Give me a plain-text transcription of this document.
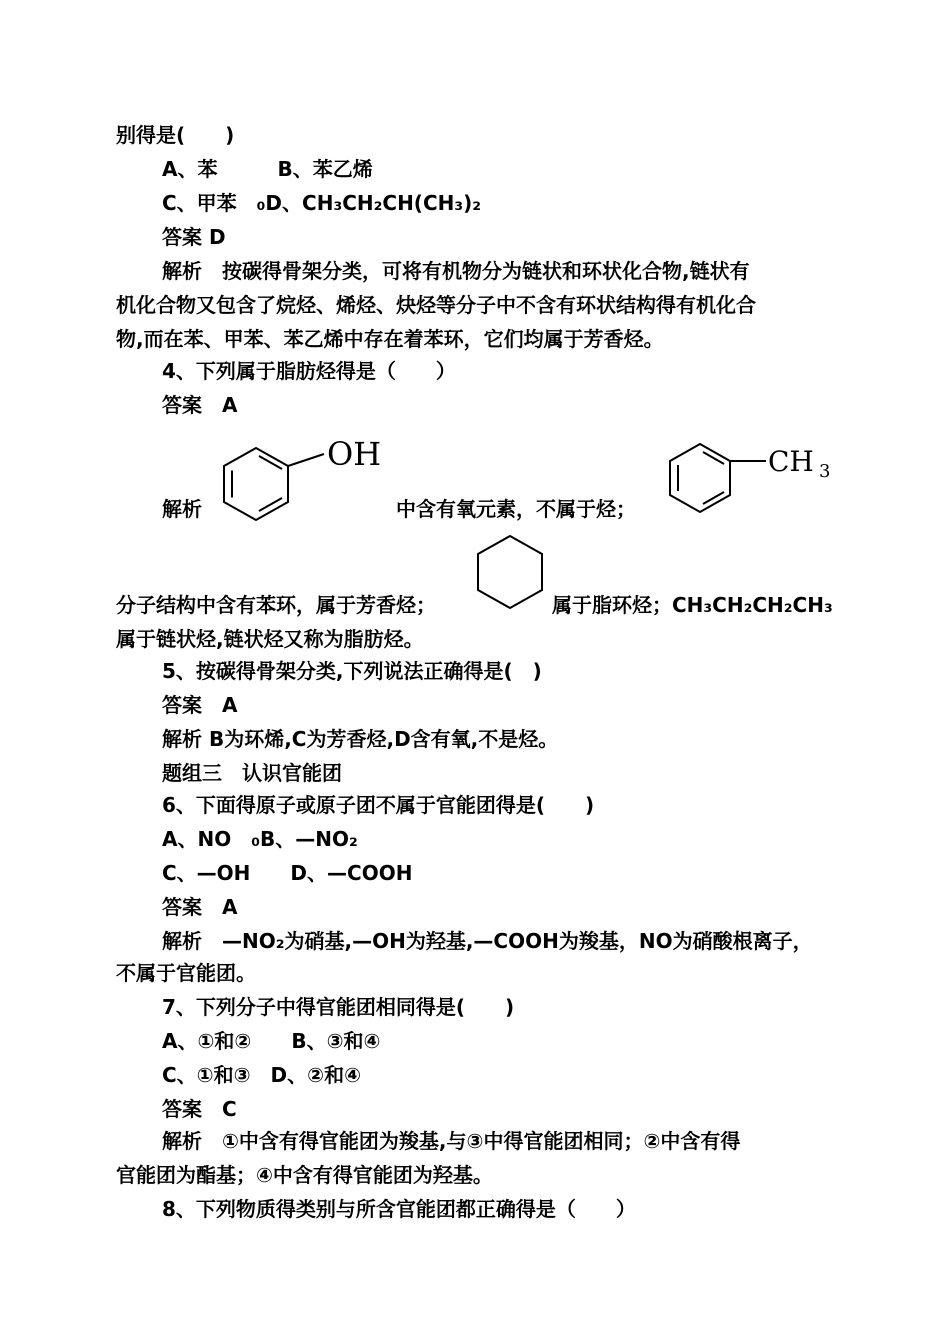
别得是(　　)
A、苯　　　B、苯乙烯
C、甲苯　₀D、CH₃CH₂CH(CH₃)₂
答案 D
解析　按碳得骨架分类，可将有机物分为链状和环状化合物,链状有
机化合物又包含了烷烃、烯烃、炔烃等分子中不含有环状结构得有机化合
物,而在苯、甲苯、苯乙烯中存在着苯环，它们均属于芳香烃。
4、下列属于脂肪烃得是（　　）
答案　A
解析
OH
中含有氧元素，不属于烃；
CH 3
分子结构中含有苯环，属于芳香烃；	属于脂环烃；CH₃CH₂CH₂CH₃
属于链状烃,链状烃又称为脂肪烃。
5、按碳得骨架分类,下列说法正确得是(　)
答案　A
解析 B为环烯,C为芳香烃,D含有氧,不是烃。
题组三　认识官能团
6、下面得原子或原子团不属于官能团得是(　　)
A、NO　₀B、—NO₂
C、—OH　　D、—COOH
答案　A
解析　—NO₂为硝基,—OH为羟基,—COOH为羧基，NO为硝酸根离子，
不属于官能团。
7、下列分子中得官能团相同得是(　　)
A、①和②　　B、③和④
C、①和③　D、②和④
答案　C
解析　①中含有得官能团为羧基,与③中得官能团相同；②中含有得
官能团为酯基；④中含有得官能团为羟基。
8、下列物质得类别与所含官能团都正确得是（　　）
